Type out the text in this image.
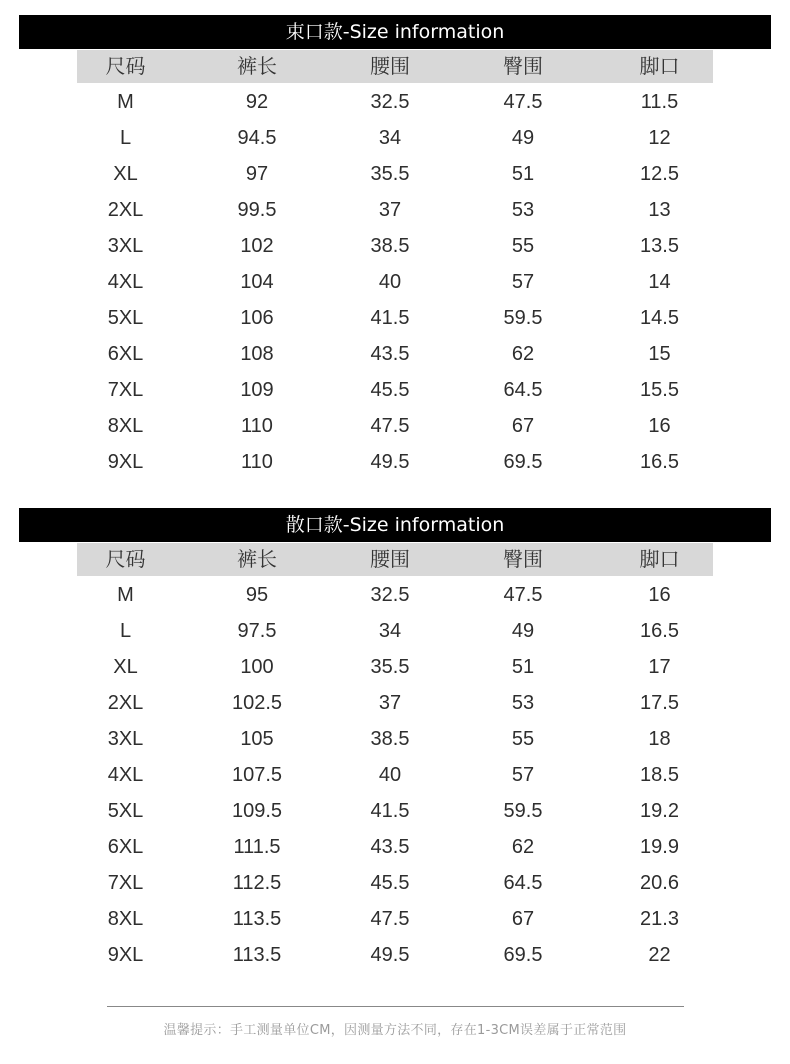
束口款-Size information
尺码	裤长	腰围	臀围	脚口
M	92	32.5	47.5	11.5
L	94.5	34	49	12
XL	97	35.5	51	12.5
2XL	99.5	37	53	13
3XL	102	38.5	55	13.5
4XL	104	40	57	14
5XL	106	41.5	59.5	14.5
6XL	108	43.5	62	15
7XL	109	45.5	64.5	15.5
8XL	110	47.5	67	16
9XL	110	49.5	69.5	16.5
散口款-Size information
尺码	裤长	腰围	臀围	脚口
M	95	32.5	47.5	16
L	97.5	34	49	16.5
XL	100	35.5	51	17
2XL	102.5	37	53	17.5
3XL	105	38.5	55	18
4XL	107.5	40	57	18.5
5XL	109.5	41.5	59.5	19.2
6XL	111.5	43.5	62	19.9
7XL	112.5	45.5	64.5	20.6
8XL	113.5	47.5	67	21.3
9XL	113.5	49.5	69.5	22
温馨提示：手工测量单位CM，因测量方法不同，存在1-3CM误差属于正常范围
